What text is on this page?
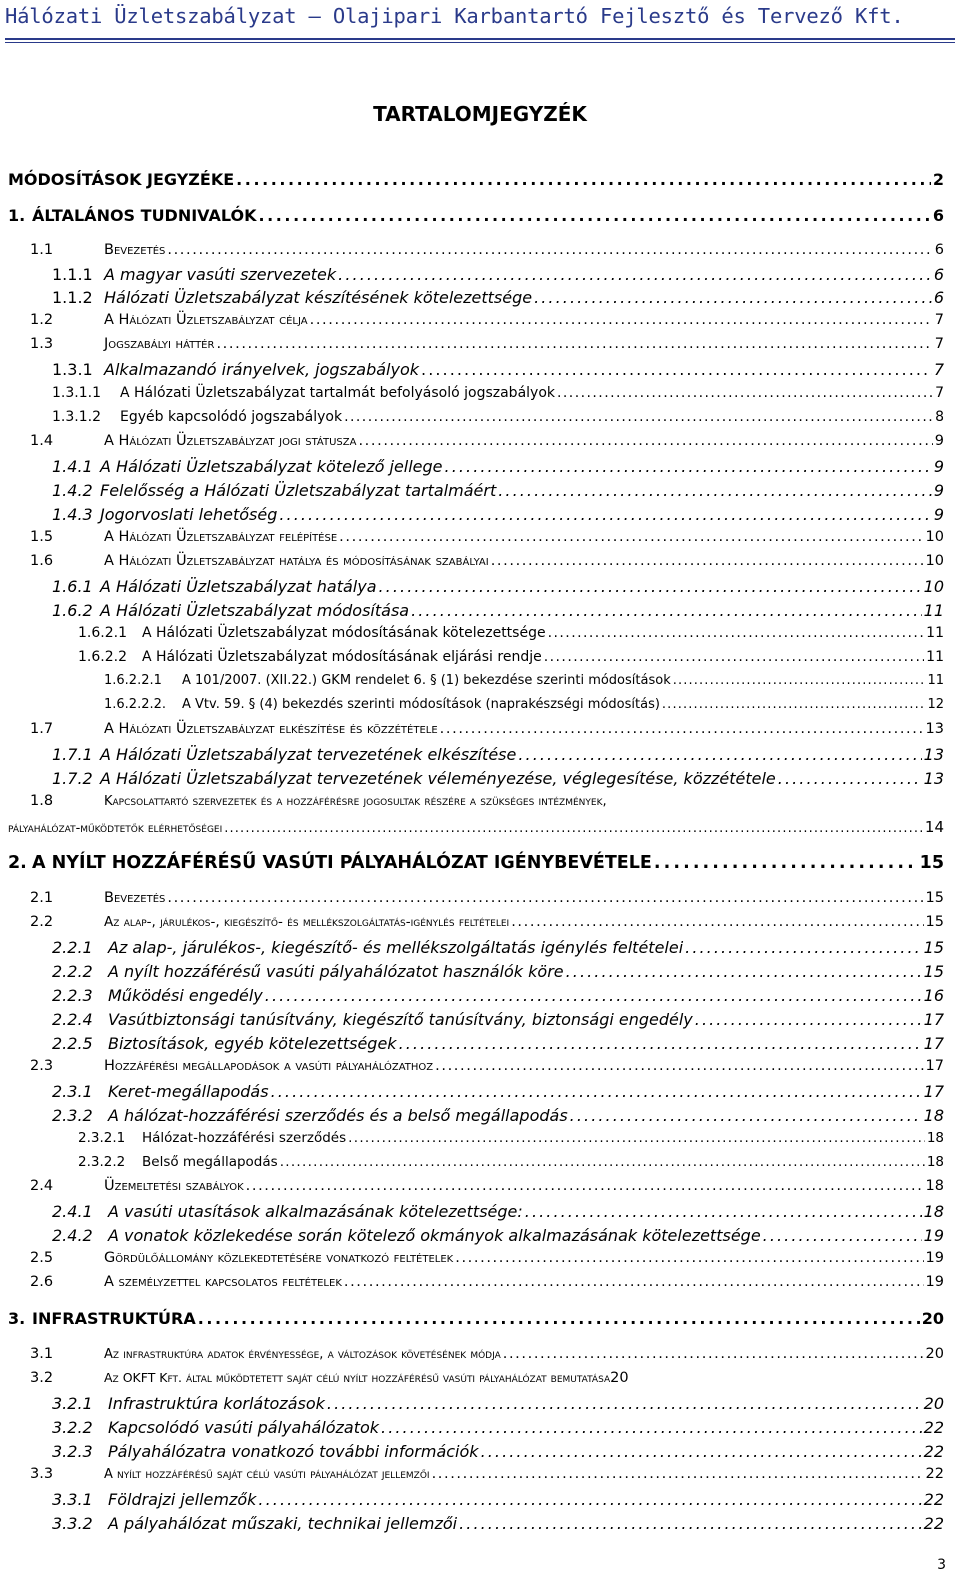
Hálózati Üzletszabályzat – Olajipari Karbantartó Fejlesztő és Tervező Kft.
TARTALOMJEGYZÉK
MÓDOSÍTÁSOK JEGYZÉKE . . .	2
1. ÁLTALÁNOS TUDNIVALÓK . . .	6
1.1	Bevezetés . . .	6
1.1.1 A magyar vasúti szervezetek . . .	6
1.1.2 Hálózati Üzletszabályzat készítésének kötelezettsége . . .	6
1.2	A Hálózati Üzletszabályzat célja . . .	7
1.3	Jogszabályi háttér . . .	7
1.3.1 Alkalmazandó irányelvek, jogszabályok . . .	7
1.3.1.1	A Hálózati Üzletszabályzat tartalmát befolyásoló jogszabályok . . .	7
1.3.1.2	Egyéb kapcsolódó jogszabályok . . .	8
1.4	A Hálózati Üzletszabályzat jogi státusza . . .	9
1.4.1 A Hálózati Üzletszabályzat kötelező jellege . . .	9
1.4.2 Felelősség a Hálózati Üzletszabályzat tartalmáért . . .	9
1.4.3 Jogorvoslati lehetőség . . .	9
1.5	A Hálózati Üzletszabályzat felépítése . . .	10
1.6	A Hálózati Üzletszabályzat hatálya és módosításának szabályai . . .	10
1.6.1 A Hálózati Üzletszabályzat hatálya . . .	10
1.6.2 A Hálózati Üzletszabályzat módosítása . . .	11
1.6.2.1	A Hálózati Üzletszabályzat módosításának kötelezettsége . . .	11
1.6.2.2	A Hálózati Üzletszabályzat módosításának eljárási rendje . . .	11
1.6.2.2.1	A 101/2007. (XII.22.) GKM rendelet 6. § (1) bekezdése szerinti módosítások . . .	11
1.6.2.2.2.	A Vtv. 59. § (4) bekezdés szerinti módosítások (naprakészségi módosítás) . . .	12
1.7	A Hálózati Üzletszabályzat elkészítése és közzététele . . .	13
1.7.1 A Hálózati Üzletszabályzat tervezetének elkészítése . . .	13
1.7.2 A Hálózati Üzletszabályzat tervezetének véleményezése, véglegesítése, közzététele . . .	13
1.8	Kapcsolattartó szervezetek és a hozzáférésre jogosultak részére a szükséges intézmények,
pályahálózat-működtetők elérhetőségei . . .	14
2. A NYÍLT HOZZÁFÉRÉSŰ VASÚTI PÁLYAHÁLÓZAT IGÉNYBEVÉTELE . . .	15
2.1	Bevezetés . . .	15
2.2	Az alap-, járulékos-, kiegészítő- és mellékszolgáltatás-igénylés feltételei . . .	15
2.2.1 Az alap-, járulékos-, kiegészítő- és mellékszolgáltatás igénylés feltételei . . .	15
2.2.2 A nyílt hozzáférésű vasúti pályahálózatot használók köre . . .	15
2.2.3 Működési engedély . . .	16
2.2.4 Vasútbiztonsági tanúsítvány, kiegészítő tanúsítvány, biztonsági engedély . . .	17
2.2.5 Biztosítások, egyéb kötelezettségek . . .	17
2.3	Hozzáférési megállapodások a vasúti pályahálózathoz . . .	17
2.3.1 Keret-megállapodás . . .	17
2.3.2 A hálózat-hozzáférési szerződés és a belső megállapodás . . .	18
2.3.2.1	Hálózat-hozzáférési szerződés . . .	18
2.3.2.2	Belső megállapodás . . .	18
2.4	Üzemeltetési szabályok . . .	18
2.4.1 A vasúti utasítások alkalmazásának kötelezettsége: . . .	18
2.4.2 A vonatok közlekedése során kötelező okmányok alkalmazásának kötelezettsége . . .	19
2.5	Gördülőállomány közlekedtetésére vonatkozó feltételek . . .	19
2.6	A személyzettel kapcsolatos feltételek . . .	19
3. INFRASTRUKTÚRA . . .	20
3.1	Az infrastruktúra adatok érvényessége, a változások követésének módja . . .	20
3.2	Az OKFT Kft. által működtetett saját célú nyílt hozzáférésű vasúti pályahálózat bemutatása 20
3.2.1 Infrastruktúra korlátozások . . .	20
3.2.2 Kapcsolódó vasúti pályahálózatok . . .	22
3.2.3 Pályahálózatra vonatkozó további információk . . .	22
3.3	A nyílt hozzáférésű saját célú vasúti pályahálózat jellemzői . . .	22
3.3.1 Földrajzi jellemzők . . .	22
3.3.2 A pályahálózat műszaki, technikai jellemzői . . .	22
3
